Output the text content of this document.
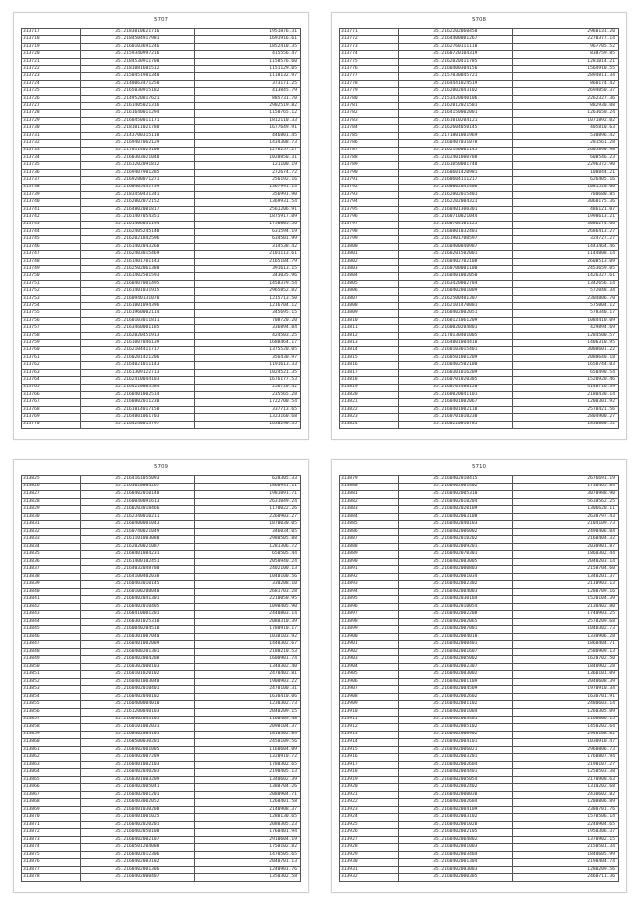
5707
313717	35.2183010621716	1951876.31
313718	35.2184504917981	1691916.61
313719	35.2160103691246	1852410.35
313720	35.2159340997216	415556.47
313721	35.2184530911708	1158576.60
313722	35.2181081601512	1151129.05
313723	35.2150451981340	1118132.97
313724	35.2148063471250	373171.25
313725	35.2165030915182	413845.79
313726	35.2149520817621	885731.70
313727	35.2161405021316	2902519.82
313728	35.2161640011294	1150765.12
313729	35.2160450011171	1812110.33
313730	35.2181011021780	1677649.91
313731	35.2143700315118	446801.45
313732	35.2169407062129	1434308.73
313733	35.2170114023108	1276257.27
313734	35.2160303021040	1020850.31
313735	35.2161202091812	121100.19
313736	35.2169407901285	272674.72
313737	35.2169280071271	256192.16
313738	35.2160405441739	1367991.13
313739	35.2183450431341	356991.90
313740	35.2162002072152	1369931.54
313741	35.2164802001817	2561206.91
313742	35.2161407054351	1875917.09
313743	35.2161406031194	1750805.56
313744	35.2162405245140	631594.19
313745	35.2162021842596	634501.99
313746	35.2161402043260	314538.42
313747	35.2162403015469	2101113.61
313748	35.2161401701143	2165184.79
313749	35.2162502061388	391613.15
313750	35.2161402501593	343035.96
313751	35.2160407001495	1458379.54
313752	35.2161401031915	2965852.82
313753	35.2160940131070	1215713.50
313754	35.2161001094396	1216704.12
313755	35.2161960002114	345695.15
313756	35.2160103011811	708720.20
313757	35.2163460001185	336894.84
313758	35.2162020451913	424503.25
313759	35.2161007046139	1688464.17
313760	35.2162104411717	1375520.05
313761	35.2160201421206	356430.97
313762	35.2164021011143	1191613.33
313763	35.2161309122713	1024521.35
313764	35.2162410044103	1676177.53
313765	35.2164220003584	256720.42
313766	35.2160401002514	235565.28
313767	35.2160802011230	1722700.54
313768	35.2161014017150	337713.65
313769	35.2164001061703	1323160.68
313770	35.2164240013797	1630290.35
5708
313771	35.2162202060450	2960131.20
313772	35.2164400001267	2270377.14
313773	35.2162760111110	967705.52
313774	35.2160720104319	838759.85
313775	35.2162020411785	1281014.21
313776	35.2160400304156	1564910.55
313777	35.2157030045721	2894811.34
313778	35.2164441024519	860174.42
313779	35.2162002043102	2694050.37
313780	35.2153420040106	2262327.36
313781	35.2162012021501	882930.08
313782	35.2164150002001	1263650.24
313783	35.2161010204121	1071892.02
313784	35.2162604050145	405810.63
313785	35.2171801001969	530896.42
313786	35.2160407031078	281561.28
313787	35.2162140001145	2605890.98
313788	35.2162401000788	608546.23
313789	35.2161050001740	2296372.90
313790	35.2160601420981	100844.21
313791	35.2160604111217	626405.16
313792	35.2160002041406	1081520.06
313793	35.2162002015401	780680.85
313794	35.2162202004321	3060175.36
313795	35.2160401300301	486121.07
313796	35.2160710021044	1998613.21
313797	35.2160704101125	3086274.66
313798	35.2160801032401	2686413.27
313799	35.2161901700597	324727.27
313800	35.2160400040987	1443464.46
313801	35.2160201502001	1144808.14
313802	35.2160402702108	2608513.09
313803	35.2160700001100	2453659.05
313804	35.2160401002050	1426327.61
313805	35.2163420002704	1342656.14
313806	35.2160402001009	572048.34
313807	35.2162500401307	2304806.70
313808	35.2162101470001	575004.12
313809	35.2160402002051	578340.17
313810	35.2160121061209	1084410.09
313811	35.2160020204801	429894.69
313812	35.2170130401005	1284500.57
313813	35.2164001004410	1406310.95
313814	35.2160103015401	3008601.22
313815	35.2160501001209	2080640.18
313816	35.2160402502100	1650744.03
313817	35.2160301016209	650490.54
313818	35.2160701020305	1520920.46
313819	35.2160701400120	4140716.39
313820	35.2160020041101	2180430.14
313821	35.2160401002067	1200301.92
313822	35.2160401002110	2570421.56
313823	35.2160701010230	2804900.27
313824	35.2160220010785	1830800.52
5709
313825	35.2164161055093	628305.33
313826	35.2163020004267	1860931.11
313827	35.2160402010148	1981091.71
313828	35.2160040091613	2631049.24
313829	35.2160203018466	1170022.26
313830	35.2162340010211	2260903.27
313831	35.2160400001043	1870030.05
313832	35.2160740021049	346034.05
313833	35.2161101003080	2980505.88
313834	35.2162020021087	1281306.72
313835	35.2160401004231	650505.44
313836	35.2161400102451	2050940.24
313837	35.2164032048700	2402100.13
313838	35.2164100402030	1040100.56
313839	35.2160403010145	330208.10
313840	35.2160100200040	2681703.28
313841	35.2160402041301	2210050.95
313842	35.2160402010405	1090405.90
313843	35.2160410001201	2440803.14
313844	35.2160301025310	2080310.39
313845	35.2160040204510	1780910.17
313846	35.2160301007040	1030103.92
313847	35.2160401002009	1440302.67
313848	35.2160400201301	2180210.53
313849	35.2160402004208	1600901.74
313850	35.2160302000103	1340302.40
313851	35.2160101020102	2470402.81
313852	35.2160401003040	1900903.22
313853	35.2160402010401	2470100.31
313854	35.2160402040102	1630410.06
313855	35.2160400004010	1230302.73
313856	35.2161200040103	2040209.15
313857	35.2160402043105	1160409.48
313858	35.2160101002031	2090104.37
313859	35.2160402004101	1810302.84
313860	35.2160500030201	2450109.56
313861	35.2160402001005	1160604.09
313862	35.2160402007209	1320910.72
313863	35.2160401002103	1780302.65
313864	35.2160402040203	2190405.13
313865	35.2160301003209	1340602.39
313866	35.2160402005041	1380704.26
313867	35.2160402001201	2080904.71
313868	35.2160403002052	1260401.58
313869	35.2160401030200	2140908.37
313870	35.2160401001025	1280130.65
313871	35.2160402020201	2080305.23
313872	35.2160402050100	1760401.94
313873	35.2160402002107	2910604.19
313874	35.2160501204008	1750102.82
313875	35.2160402012306	1470505.65
313876	35.2160402003102	2040701.13
313877	35.2160402001306	1240901.76
313878	35.2160402000407	1350302.58
5710
313879	35.2160402010415	2676691.19
313880	35.2160402001402	1736465.84
313881	35.2160402005310	3070988.90
313882	35.2160402010204	5638562.25
313883	35.2160402020109	1306620.11
313884	35.2160402003108	2630797.43
313885	35.2160402040103	2104109.73
313886	35.2160402006002	2490406.04
313887	35.2160402010202	2160404.32
313888	35.2160402009201	2030901.87
313889	35.2160402070301	1860302.44
313890	35.2160402003005	2040203.14
313891	35.2160402000803	2150704.60
313892	35.2160402001034	1340201.37
313893	35.2160402002302	2110903.13
313894	35.2160402004003	1280709.16
313895	35.2160402030104	1520104.39
313896	35.2160402010054	2130402.80
313897	35.2160402002208	1740903.25
313898	35.2160402002065	2570209.68
313899	35.2160402007001	1040302.73
313900	35.2160402004010	1330906.28
313901	35.2160402000401	1860404.71
313902	35.2160402001607	2580909.13
313903	35.2160402005002	1620702.50
313904	35.2160402002307	1840902.28
313905	35.2160402003002	1360101.09
313906	35.2160402001109	2040608.39
313907	35.2160402004509	1970910.34
313908	35.2160402002602	1630701.91
313909	35.2160402001102	2480603.14
313910	35.2160402001004	1260305.09
313911	35.2160402003401	2160806.15
313912	35.2160402005102	1450202.64
313913	35.2160402000902	2940108.82
313914	35.2160402004101	1030910.47
313915	35.2160402006021	2960806.73
313916	35.2160402003201	1760807.94
313917	35.2160402002604	2190107.27
313918	35.2160402004401	1250503.38
313919	35.2160402005054	2170908.63
313920	35.2160402002402	1310202.68
313921	35.2160402000030	2430602.82
313922	35.2160402002604	1200806.89
313923	35.2160402004109	2380701.76
313924	35.2160402003102	1570506.14
313925	35.2160402001020	2240904.65
313926	35.2160402002105	1950306.37
313927	35.2160402004802	1370902.15
313928	35.2160402001003	2150501.34
313929	35.2160402003404	1840605.99
313930	35.2160402001304	2190404.74
313931	35.2160402003003	1280209.56
313932	35.2160402000305	2460711.36
